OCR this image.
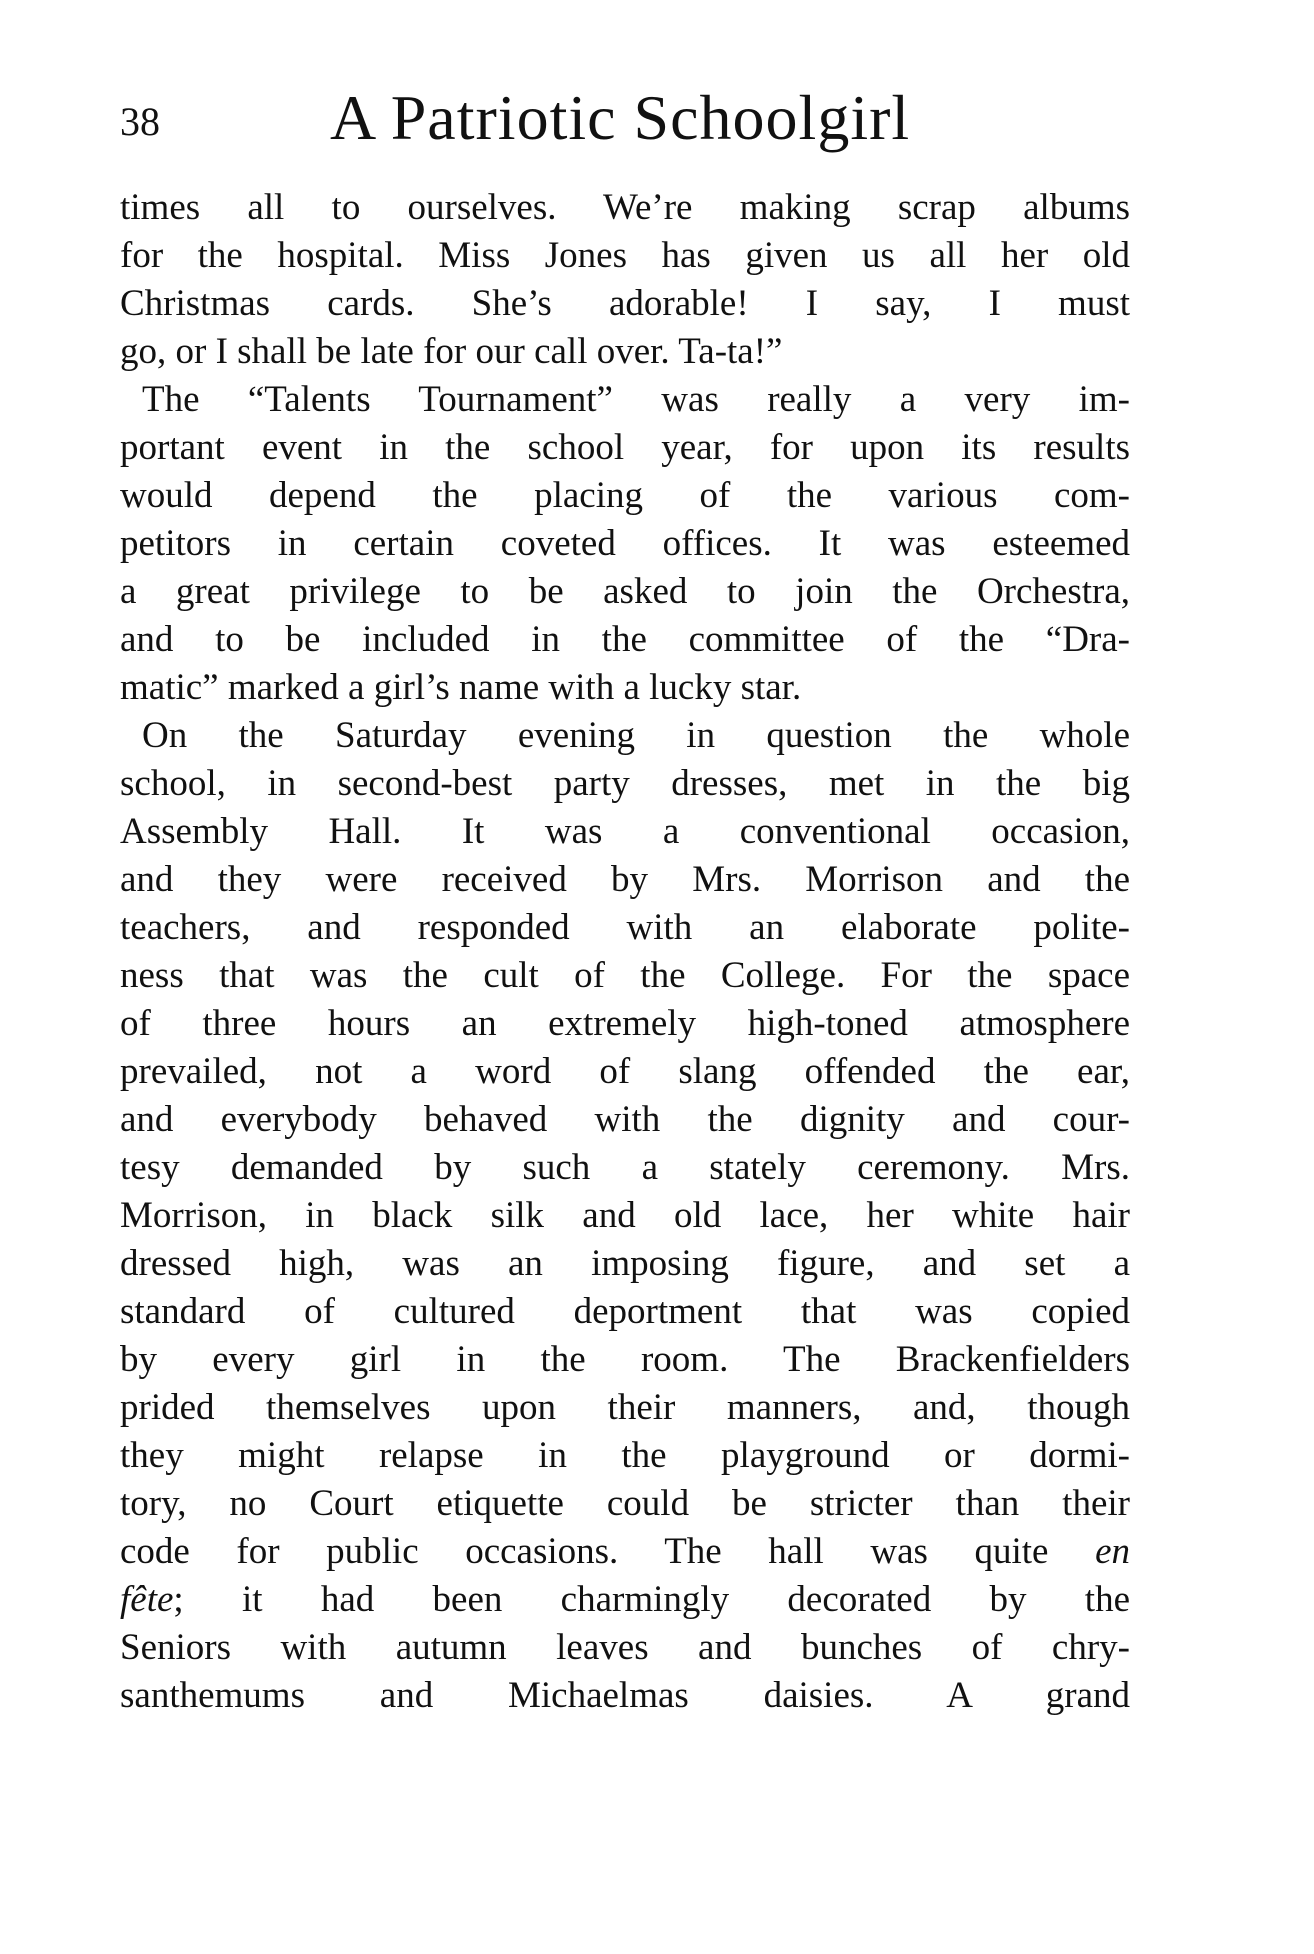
38	A Patriotic Schoolgirl
times all to ourselves. We’re making scrap albums
for the hospital. Miss Jones has given us all her old
Christmas cards. She’s adorable! I say, I must
go, or I shall be late for our call over. Ta-ta!”
The “Talents Tournament” was really a very im-
portant event in the school year, for upon its results
would depend the placing of the various com-
petitors in certain coveted offices. It was esteemed
a great privilege to be asked to join the Orchestra,
and to be included in the committee of the “Dra-
matic” marked a girl’s name with a lucky star.
On the Saturday evening in question the whole
school, in second-best party dresses, met in the big
Assembly Hall. It was a conventional occasion,
and they were received by Mrs. Morrison and the
teachers, and responded with an elaborate polite-
ness that was the cult of the College. For the space
of three hours an extremely high-toned atmosphere
prevailed, not a word of slang offended the ear,
and everybody behaved with the dignity and cour-
tesy demanded by such a stately ceremony. Mrs.
Morrison, in black silk and old lace, her white hair
dressed high, was an imposing figure, and set a
standard of cultured deportment that was copied
by every girl in the room. The Brackenfielders
prided themselves upon their manners, and, though
they might relapse in the playground or dormi-
tory, no Court etiquette could be stricter than their
code for public occasions. The hall was quite en
fête; it had been charmingly decorated by the
Seniors with autumn leaves and bunches of chry-
santhemums and Michaelmas daisies. A grand
